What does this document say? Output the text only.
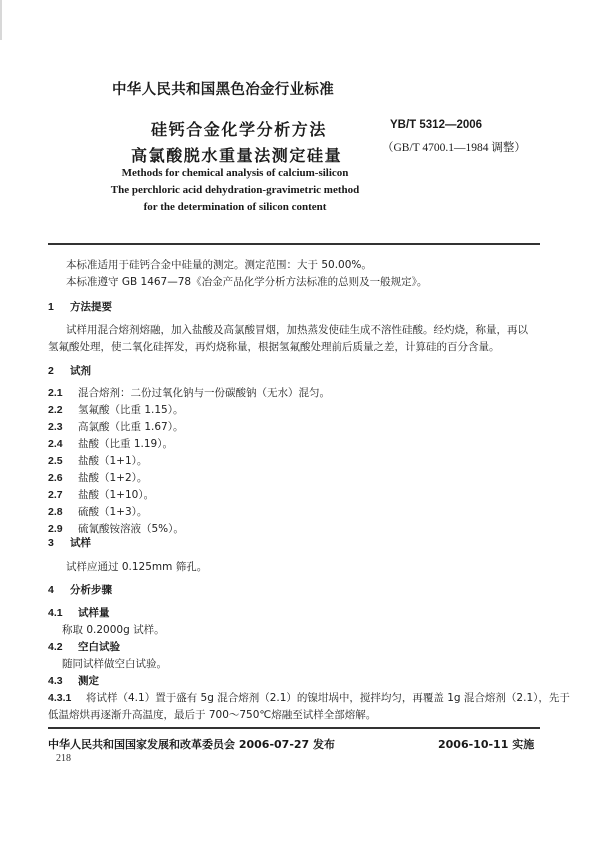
中华人民共和国黑色冶金行业标准
硅钙合金化学分析方法
高氯酸脱水重量法测定硅量
YB/T 5312—2006
（GB/T 4700.1—1984 调整）
Methods for chemical analysis of calcium-silicon
The perchloric acid dehydration-gravimetric method
for the determination of silicon content
本标准适用于硅钙合金中硅量的测定。测定范围：大于 50.00%。
本标准遵守 GB 1467—78《冶金产品化学分析方法标准的总则及一般规定》。
1 方法提要
试样用混合熔剂熔融，加入盐酸及高氯酸冒烟，加热蒸发使硅生成不溶性硅酸。经灼烧，称量，再以
氢氟酸处理，使二氧化硅挥发，再灼烧称量，根据氢氟酸处理前后质量之差，计算硅的百分含量。
2 试剂
2.1 混合熔剂：二份过氧化钠与一份碳酸钠（无水）混匀。
2.2 氢氟酸（比重 1.15）。
2.3 高氯酸（比重 1.67）。
2.4 盐酸（比重 1.19）。
2.5 盐酸（1+1）。
2.6 盐酸（1+2）。
2.7 盐酸（1+10）。
2.8 硫酸（1+3）。
2.9 硫氰酸铵溶液（5%）。
3 试样
试样应通过 0.125mm 筛孔。
4 分析步骤
4.1 试样量
称取 0.2000g 试样。
4.2 空白试验
随同试样做空白试验。
4.3 测定
4.3.1 将试样（4.1）置于盛有 5g 混合熔剂（2.1）的镍坩埚中，搅拌均匀，再覆盖 1g 混合熔剂（2.1），先于
低温熔烘再逐渐升高温度，最后于 700～750℃熔融至试样全部熔解。
中华人民共和国国家发展和改革委员会 2006-07-27 发布	2006-10-11 实施
218
